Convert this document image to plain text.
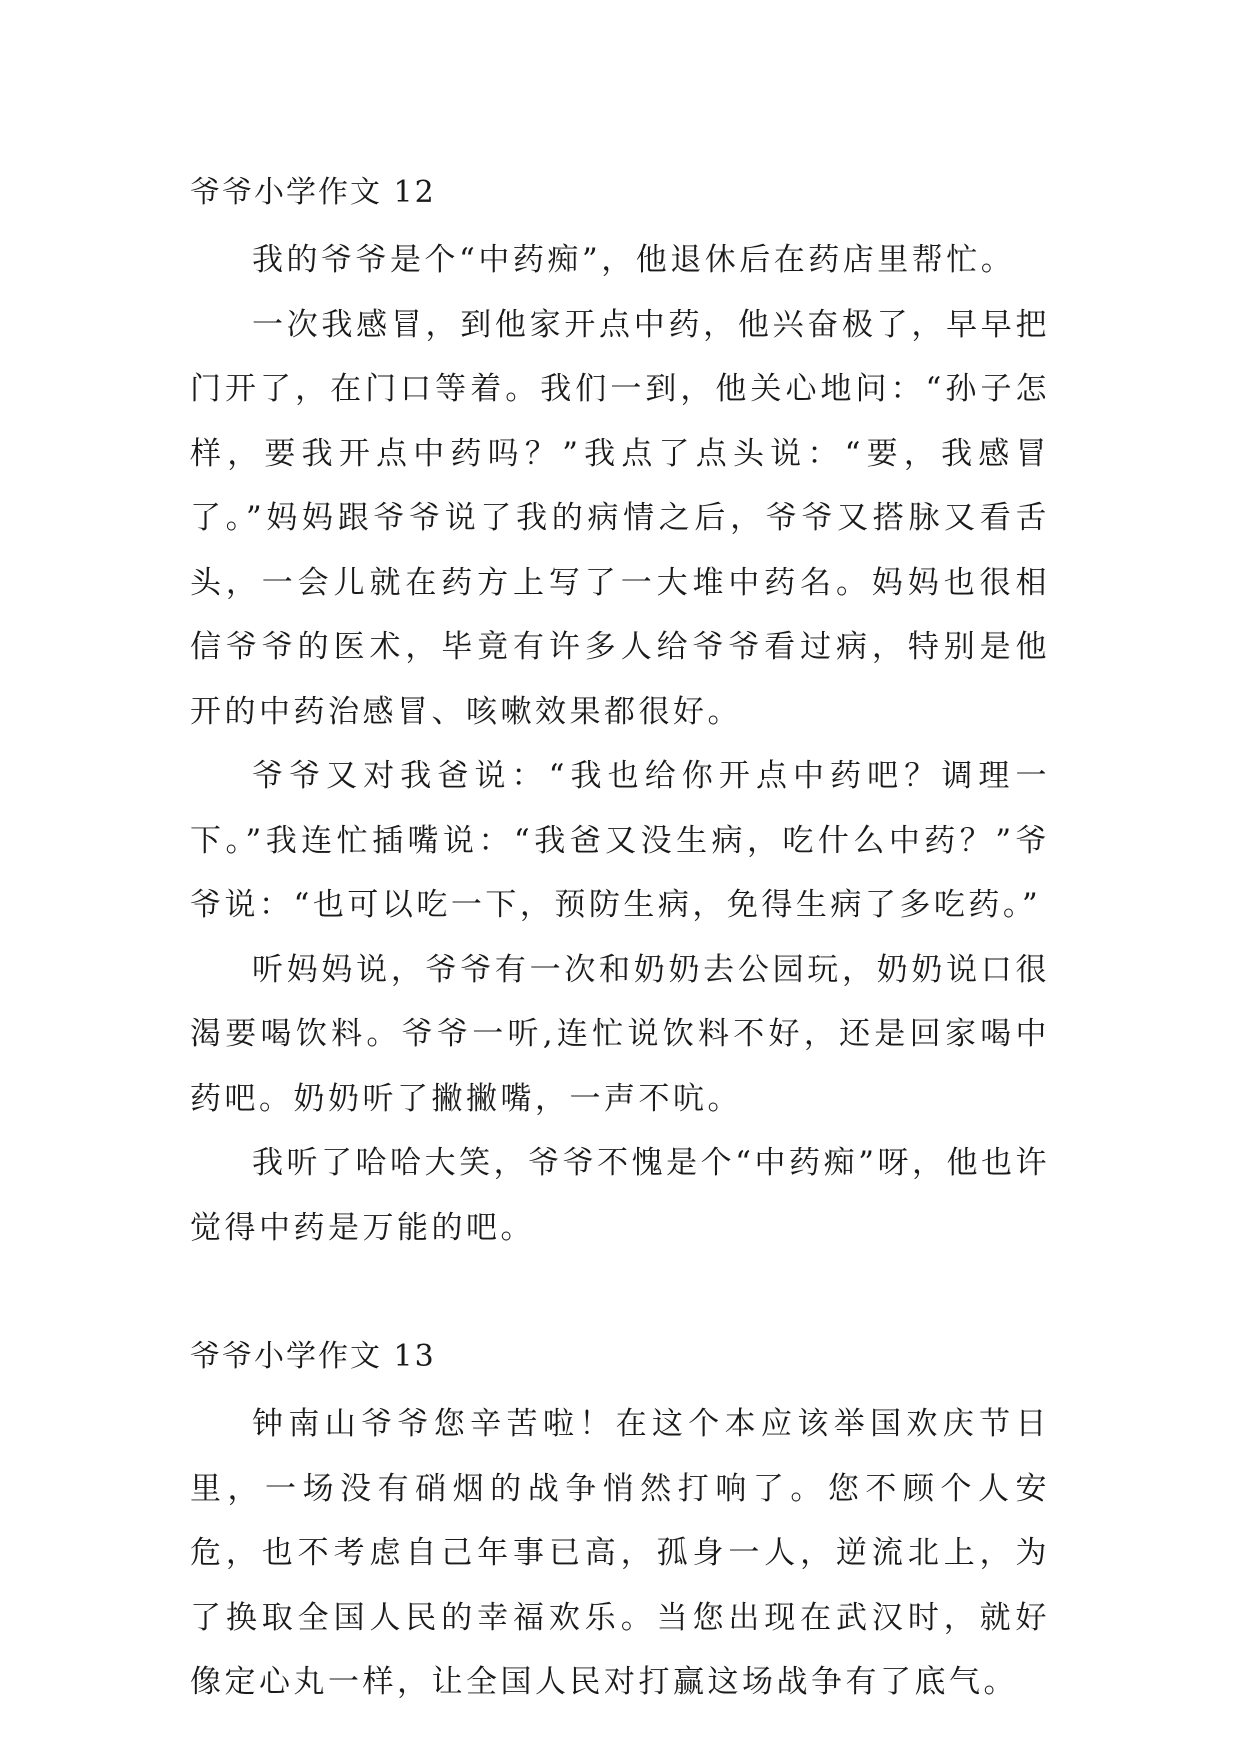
爷爷小学作文 12

我的爷爷是个“中药痴”，他退休后在药店里帮忙。

一次我感冒，到他家开点中药，他兴奋极了，早早把门开了，在门口等着。我们一到，他关心地问：“孙子怎样，要我开点中药吗？”我点了点头说：“要，我感冒了。”妈妈跟爷爷说了我的病情之后，爷爷又搭脉又看舌头，一会儿就在药方上写了一大堆中药名。妈妈也很相信爷爷的医术，毕竟有许多人给爷爷看过病，特别是他开的中药治感冒、咳嗽效果都很好。

爷爷又对我爸说：“我也给你开点中药吧？调理一下。”我连忙插嘴说：“我爸又没生病，吃什么中药？”爷爷说：“也可以吃一下，预防生病，免得生病了多吃药。”

听妈妈说，爷爷有一次和奶奶去公园玩，奶奶说口很渴要喝饮料。爷爷一听,连忙说饮料不好，还是回家喝中药吧。奶奶听了撇撇嘴，一声不吭。

我听了哈哈大笑，爷爷不愧是个“中药痴”呀，他也许觉得中药是万能的吧。

爷爷小学作文 13

钟南山爷爷您辛苦啦！在这个本应该举国欢庆节日里，一场没有硝烟的战争悄然打响了。您不顾个人安危，也不考虑自己年事已高，孤身一人，逆流北上，为了换取全国人民的幸福欢乐。当您出现在武汉时，就好像定心丸一样，让全国人民对打赢这场战争有了底气。
